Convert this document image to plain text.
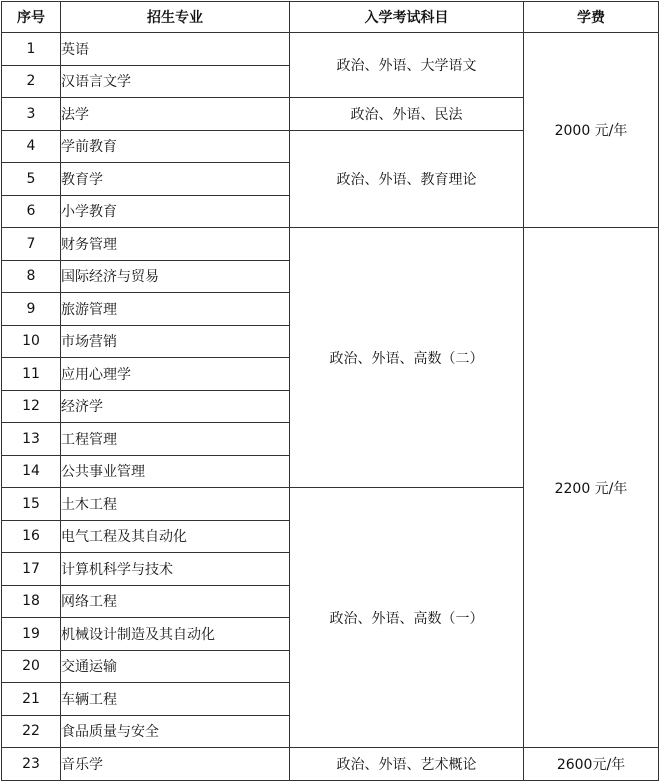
序号	招生专业	入学考试科目	学费
1	英语	政治、外语、大学语文	2000 元/年
2	汉语言文学		
3	法学	政治、外语、民法	
4	学前教育	政治、外语、教育理论	
5	教育学		
6	小学教育		
7	财务管理	政治、外语、高数（二）	2200 元/年
8	国际经济与贸易		
9	旅游管理		
10	市场营销		
11	应用心理学		
12	经济学		
13	工程管理		
14	公共事业管理		
15	土木工程	政治、外语、高数（一）	
16	电气工程及其自动化		
17	计算机科学与技术		
18	网络工程		
19	机械设计制造及其自动化		
20	交通运输		
21	车辆工程		
22	食品质量与安全		
23	音乐学	政治、外语、艺术概论	2600元/年
